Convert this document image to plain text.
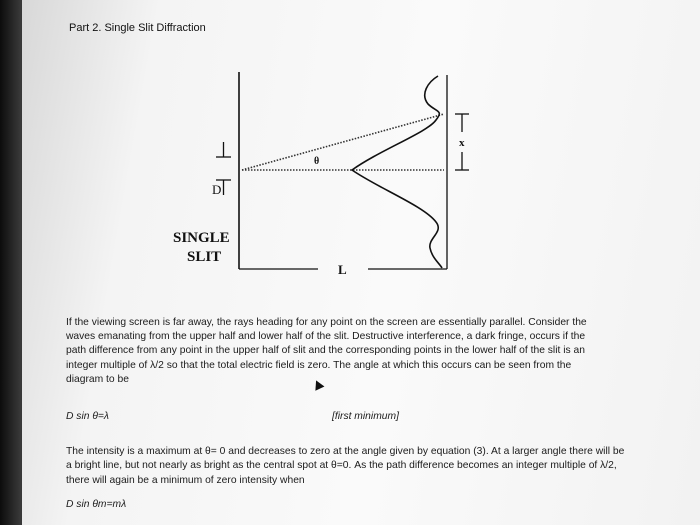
Part 2. Single Slit Diffraction
D
SINGLE
SLIT
θ
x
L
If the viewing screen is far away, the rays heading for any point on the screen are essentially parallel. Consider the waves emanating from the upper half and lower half of the slit. Destructive interference, a dark fringe, occurs if the path difference from any point in the upper half of slit and the corresponding points in the lower half of the slit is an integer multiple of λ/2 so that the total electric field is zero. The angle at which this occurs can be seen from the diagram to be
D sin θ=λ	[first minimum]
The intensity is a maximum at θ= 0 and decreases to zero at the angle given by equation (3). At a larger angle there will be a bright line, but not nearly as bright as the central spot at θ=0. As the path difference becomes an integer multiple of λ/2, there will again be a minimum of zero intensity when
D sin θm=mλ
